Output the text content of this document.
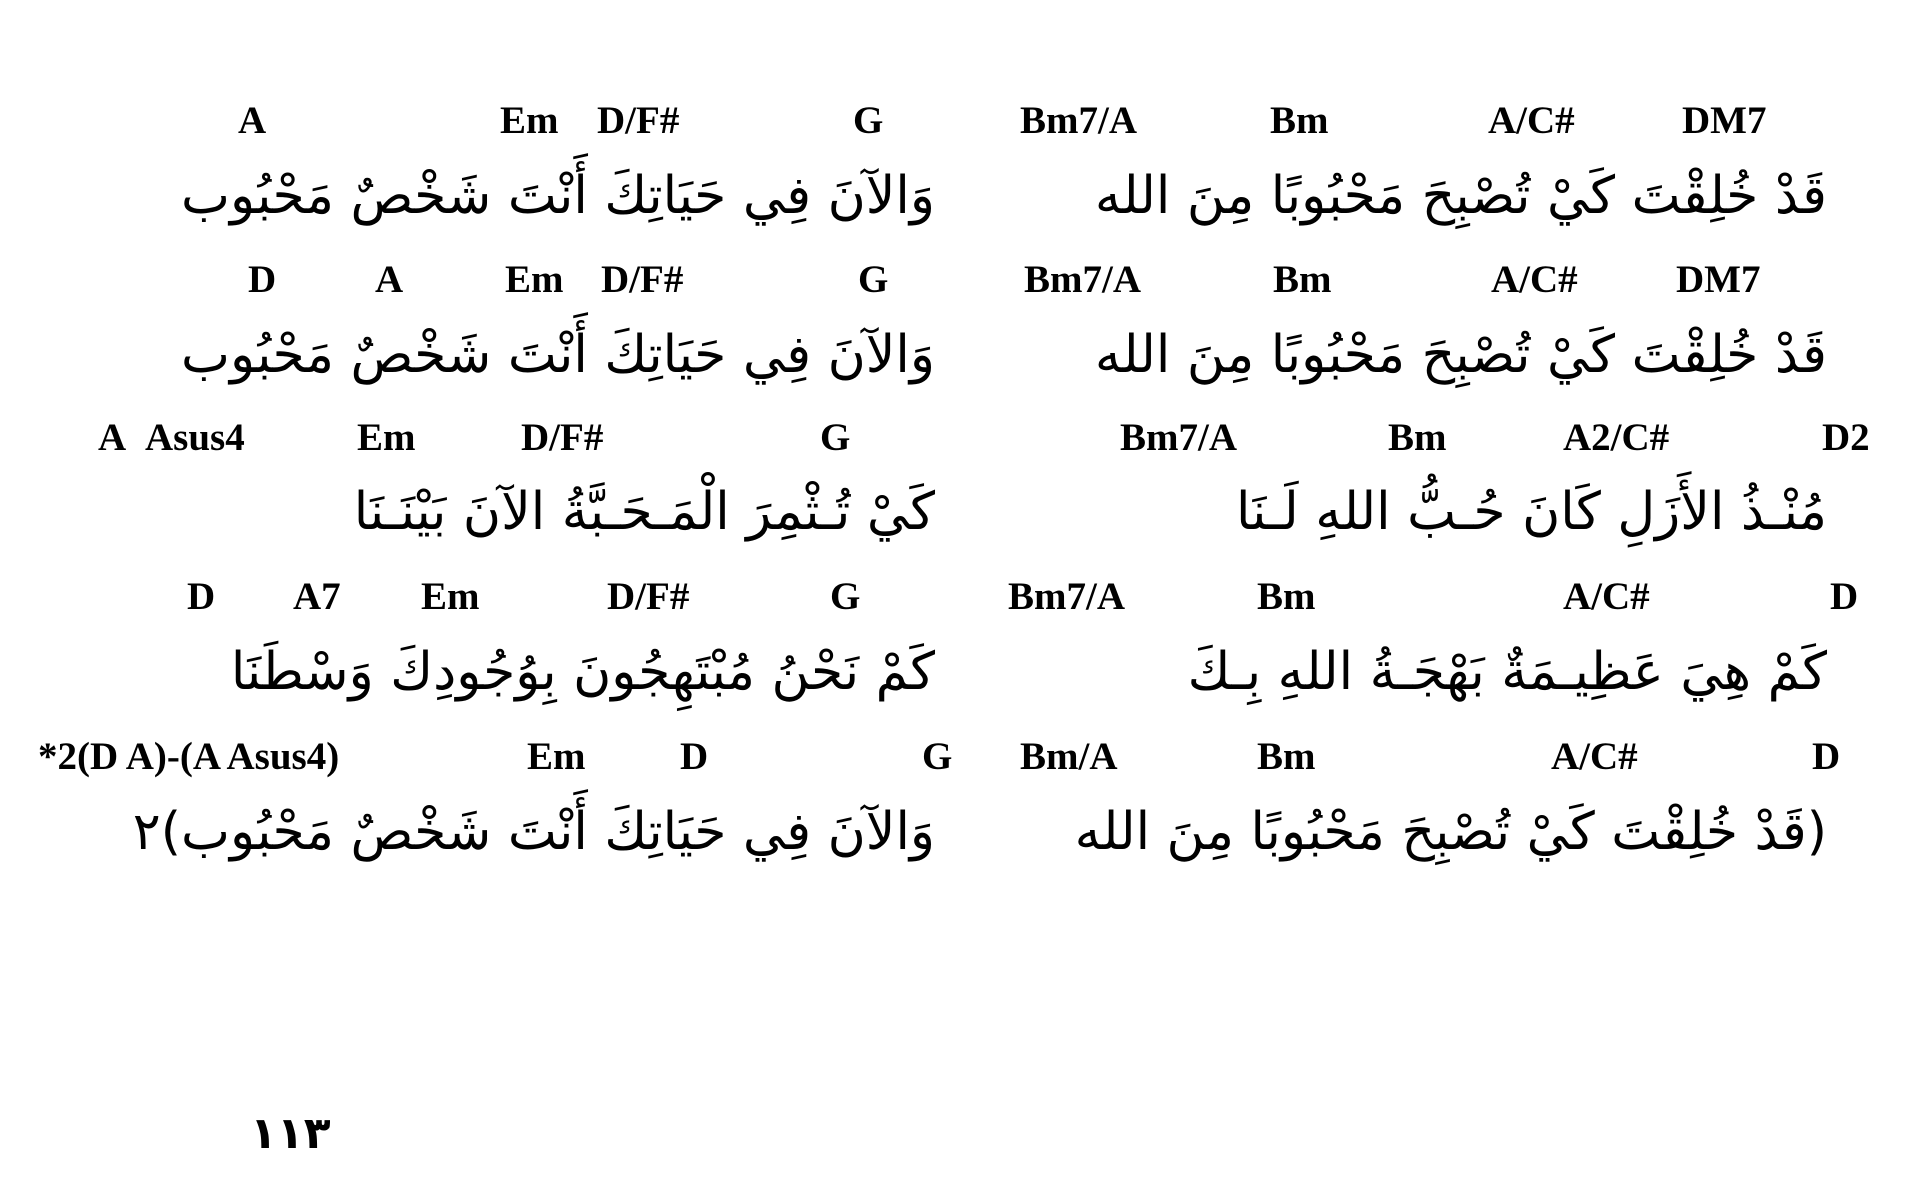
A	Em D/F#	G	Bm7/A	Bm	A/C#	DM7
قَدْ خُلِقْتَ كَيْ تُصْبِحَ مَحْبُوبًا مِنَ الله
وَالآنَ فِي حَيَاتِكَ أَنْتَ شَخْصٌ مَحْبُوب
D	A	Em D/F#	G	Bm7/A	Bm	A/C#	DM7
قَدْ خُلِقْتَ كَيْ تُصْبِحَ مَحْبُوبًا مِنَ الله
وَالآنَ فِي حَيَاتِكَ أَنْتَ شَخْصٌ مَحْبُوب
A Asus4	Em	D/F#	G	Bm7/A	Bm	A2/C#	D2
مُنْـذُ الأَزَلِ كَانَ حُـبُّ اللهِ لَـنَا
كَيْ تُـثْمِرَ الْمَـحَـبَّةُ الآنَ بَيْنَـنَا
D A7 Em	D/F#	G	Bm7/A	Bm	A/C#	D
كَمْ هِيَ عَظِيـمَةٌ بَهْجَـةُ اللهِ بِـكَ
كَمْ نَحْنُ مُبْتَهِجُونَ بِوُجُودِكَ وَسْطَنَا
*2(D A)-(A Asus4)	Em D	G Bm/A	Bm	A/C#	D
(قَدْ خُلِقْتَ كَيْ تُصْبِحَ مَحْبُوبًا مِنَ الله
وَالآنَ فِي حَيَاتِكَ أَنْتَ شَخْصٌ مَحْبُوب)٢
١١٣
